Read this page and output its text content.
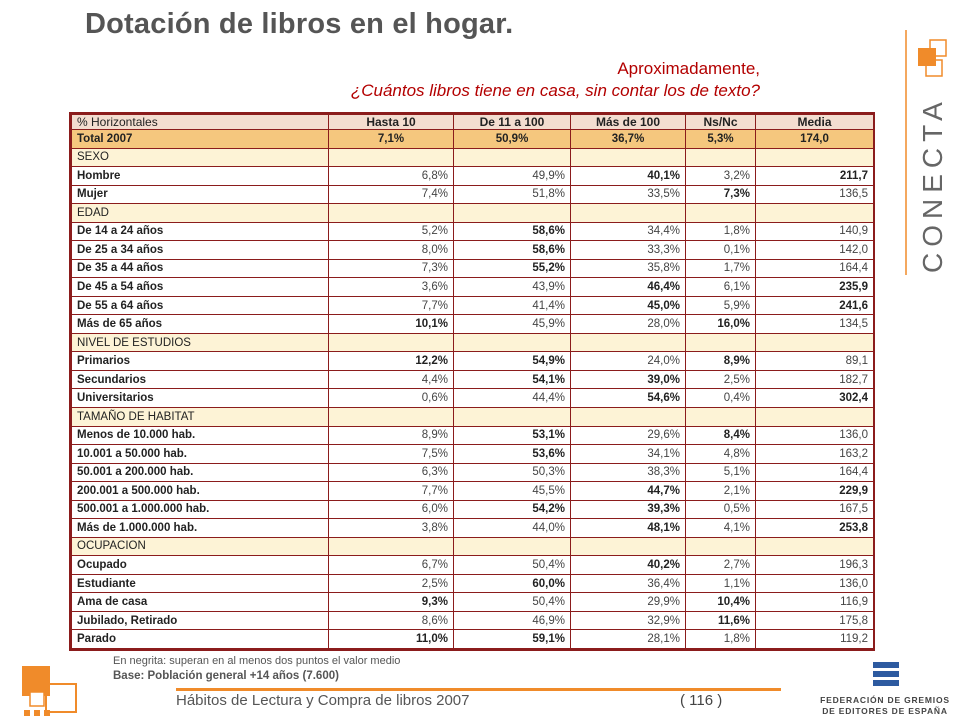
Dotación de libros en el hogar.
Aproximadamente,
¿Cuántos libros tiene en casa, sin contar los de texto?
% Horizontales	Hasta 10	De 11 a 100	Más de 100	Ns/Nc	Media
Total 2007	7,1%	50,9%	36,7%	5,3%	174,0
SEXO					
Hombre	6,8%	49,9%	40,1%	3,2%	211,7
Mujer	7,4%	51,8%	33,5%	7,3%	136,5
EDAD					
De 14 a 24 años	5,2%	58,6%	34,4%	1,8%	140,9
De 25 a 34 años	8,0%	58,6%	33,3%	0,1%	142,0
De 35 a 44 años	7,3%	55,2%	35,8%	1,7%	164,4
De 45 a 54 años	3,6%	43,9%	46,4%	6,1%	235,9
De 55 a 64 años	7,7%	41,4%	45,0%	5,9%	241,6
Más de 65 años	10,1%	45,9%	28,0%	16,0%	134,5
NIVEL DE ESTUDIOS					
Primarios	12,2%	54,9%	24,0%	8,9%	89,1
Secundarios	4,4%	54,1%	39,0%	2,5%	182,7
Universitarios	0,6%	44,4%	54,6%	0,4%	302,4
TAMAÑO DE HABITAT					
Menos de 10.000 hab.	8,9%	53,1%	29,6%	8,4%	136,0
10.001 a 50.000 hab.	7,5%	53,6%	34,1%	4,8%	163,2
50.001 a 200.000 hab.	6,3%	50,3%	38,3%	5,1%	164,4
200.001 a 500.000 hab.	7,7%	45,5%	44,7%	2,1%	229,9
500.001 a 1.000.000 hab.	6,0%	54,2%	39,3%	0,5%	167,5
Más de 1.000.000 hab.	3,8%	44,0%	48,1%	4,1%	253,8
OCUPACION					
Ocupado	6,7%	50,4%	40,2%	2,7%	196,3
Estudiante	2,5%	60,0%	36,4%	1,1%	136,0
Ama de casa	9,3%	50,4%	29,9%	10,4%	116,9
Jubilado, Retirado	8,6%	46,9%	32,9%	11,6%	175,8
Parado	11,0%	59,1%	28,1%	1,8%	119,2
En negrita: superan en al menos dos puntos el valor medio
Base: Población general +14 años (7.600)
Hábitos de Lectura y Compra de libros 2007	( 116 )
CONECTA
FEDERACIÓN DE GREMIOS
DE EDITORES DE ESPAÑA
